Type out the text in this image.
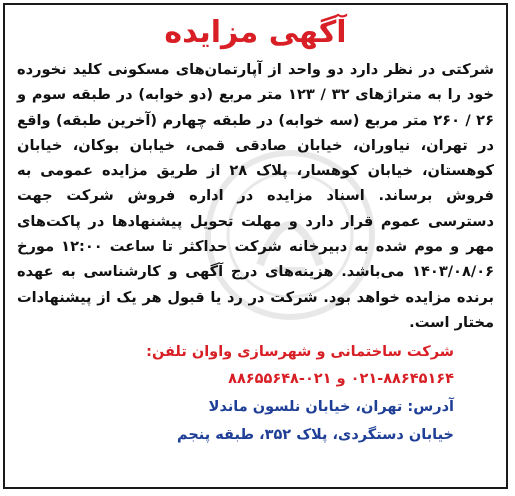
آگهی مزایده
شرکتی در نظر دارد دو واحد از آپارتمان‌های مسکونی کلید نخورده خود را به متراژهای ۳۲ / ۱۲۳ متر مربع (دو خوابه) در طبقه سوم و ۲۶ / ۲۶۰ متر مربع (سه خوابه) در طبقه چهارم (آخرین طبقه) واقع در تهران، نیاوران، خیابان صادقی قمی، خیابان بوکان، خیابان کوهستان، خیابان کوهسار، پلاک ۲۸ از طریق مزایده عمومی به فروش برساند. اسناد مزایده در اداره فروش شرکت جهت دسترسی عموم قرار دارد و مهلت تحویل پیشنهادها در پاکت‌های مهر و موم شده به دبیرخانه شرکت حداکثر تا ساعت ۱۲:۰۰ مورخ ۱۴۰۳/۰۸/۰۶ می‌باشد. هزینه‌های درج آگهی و کارشناسی به عهده برنده مزایده خواهد بود. شرکت در رد یا قبول هر یک از پیشنهادات مختار است.
شرکت ساختمانی و شهرسازی واوان تلفن:
۰۲۱-۸۸۶۴۵۱۶۴ و ۰۲۱-۸۸۶۵۵۶۴۸
آدرس: تهران، خیابان نلسون ماندلا
خیابان دستگردی، پلاک ۳۵۲، طبقه پنجم
